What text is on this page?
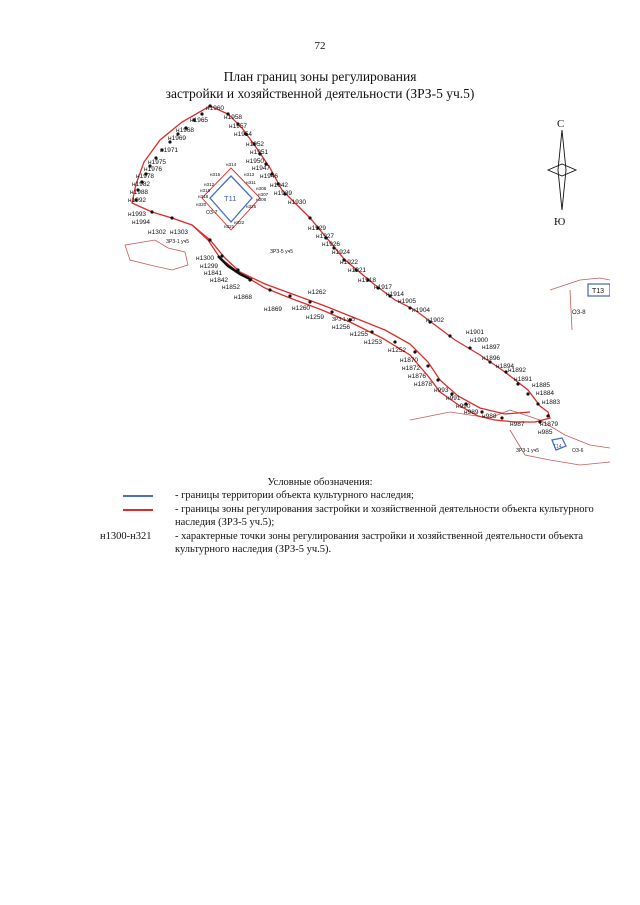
72
План границ зоны регулирования
застройки и хозяйственной деятельности (ЗРЗ-5 уч.5)
н1960
н1965 н1958
н1957
н1968
н1954
н1969
н1952
н1971	н1951
н1950
н1975
н1947
н1976
н1946
н1978
н1982	н1942
н1988	н1939
н1992	н1930
н1993
н1994
н1302 н1303
н1929
н1927
н1926
н1924
н1922
н1921
н1918
н1917
н1914
н1905
н1904
н1902
н1901
н1900
н1897
н1896
н1894
н1892
н1891
н1885
н1884
н1883
н1879
н985
н1300
н1299
н1841
н1842
н1852
н1868
н1869
н1262
н1260
н1259
н1256
н1255
н1253
н1252
н1870
н1872
н1876
н1878
н993
н991
н990
н989
н988
н987
н314
н315	н313
н312	н311
н319	н308
н307
н318
н306
н320	н325
н322
н321
Т11
ОЗ-7
ЗРЗ-1 уч5
ЗРЗ-5 уч5
ЗРЗ-1 уч5
Т13
ОЗ-8
ЗРЗ-1 уч5
Т14
ОЗ-6
С
Ю
Условные обозначения:
- границы территории объекта культурного наследия;
- границы зоны регулирования застройки и хозяйственной деятельности объекта культурного наследия (ЗРЗ-5 уч.5);
н1300-н321	- характерные точки зоны регулирования застройки и хозяйственной деятельности объекта культурного наследия (ЗРЗ-5 уч.5).
